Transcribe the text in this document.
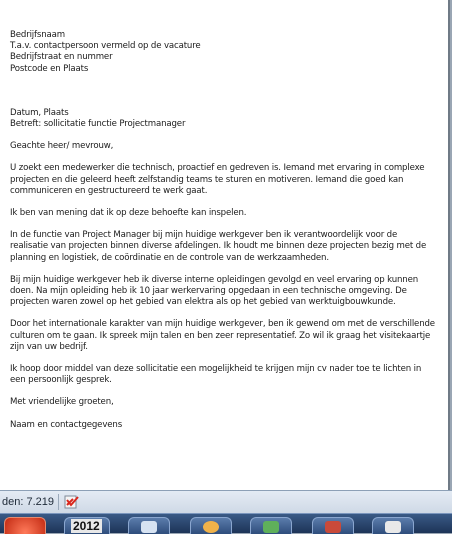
Bedrijfsnaam

T.a.v. contactpersoon vermeld op de vacature

Bedrijfstraat en nummer

Postcode en Plaats

Datum, Plaats

Betreft: sollicitatie functie Projectmanager

Geachte heer/ mevrouw,

U zoekt een medewerker die technisch, proactief en gedreven is. Iemand met ervaring in complexe projecten en die geleerd heeft zelfstandig teams te sturen en motiveren. Iemand die goed kan communiceren en gestructureerd te werk gaat.

Ik ben van mening dat ik op deze behoefte kan inspelen.

In de functie van Project Manager bij mijn huidige werkgever ben ik verantwoordelijk voor de realisatie van projecten binnen diverse afdelingen. Ik houdt me binnen deze projecten bezig met de planning en logistiek, de coördinatie en de controle van de werkzaamheden.

Bij mijn huidige werkgever heb ik diverse interne opleidingen gevolgd en veel ervaring op kunnen doen. Na mijn opleiding heb ik 10 jaar werkervaring opgedaan in een technische omgeving. De projecten waren zowel op het gebied van elektra als op het gebied van werktuigbouwkunde.

Door het internationale karakter van mijn huidige werkgever, ben ik gewend om met de verschillende culturen om te gaan. Ik spreek mijn talen en ben zeer representatief. Zo wil ik graag het visitekaartje zijn van uw bedrijf.

Ik hoop door middel van deze sollicitatie een mogelijkheid te krijgen mijn cv nader toe te lichten in een persoonlijk gesprek.

Met vriendelijke groeten,

Naam en contactgegevens

den: 7.219
2012
